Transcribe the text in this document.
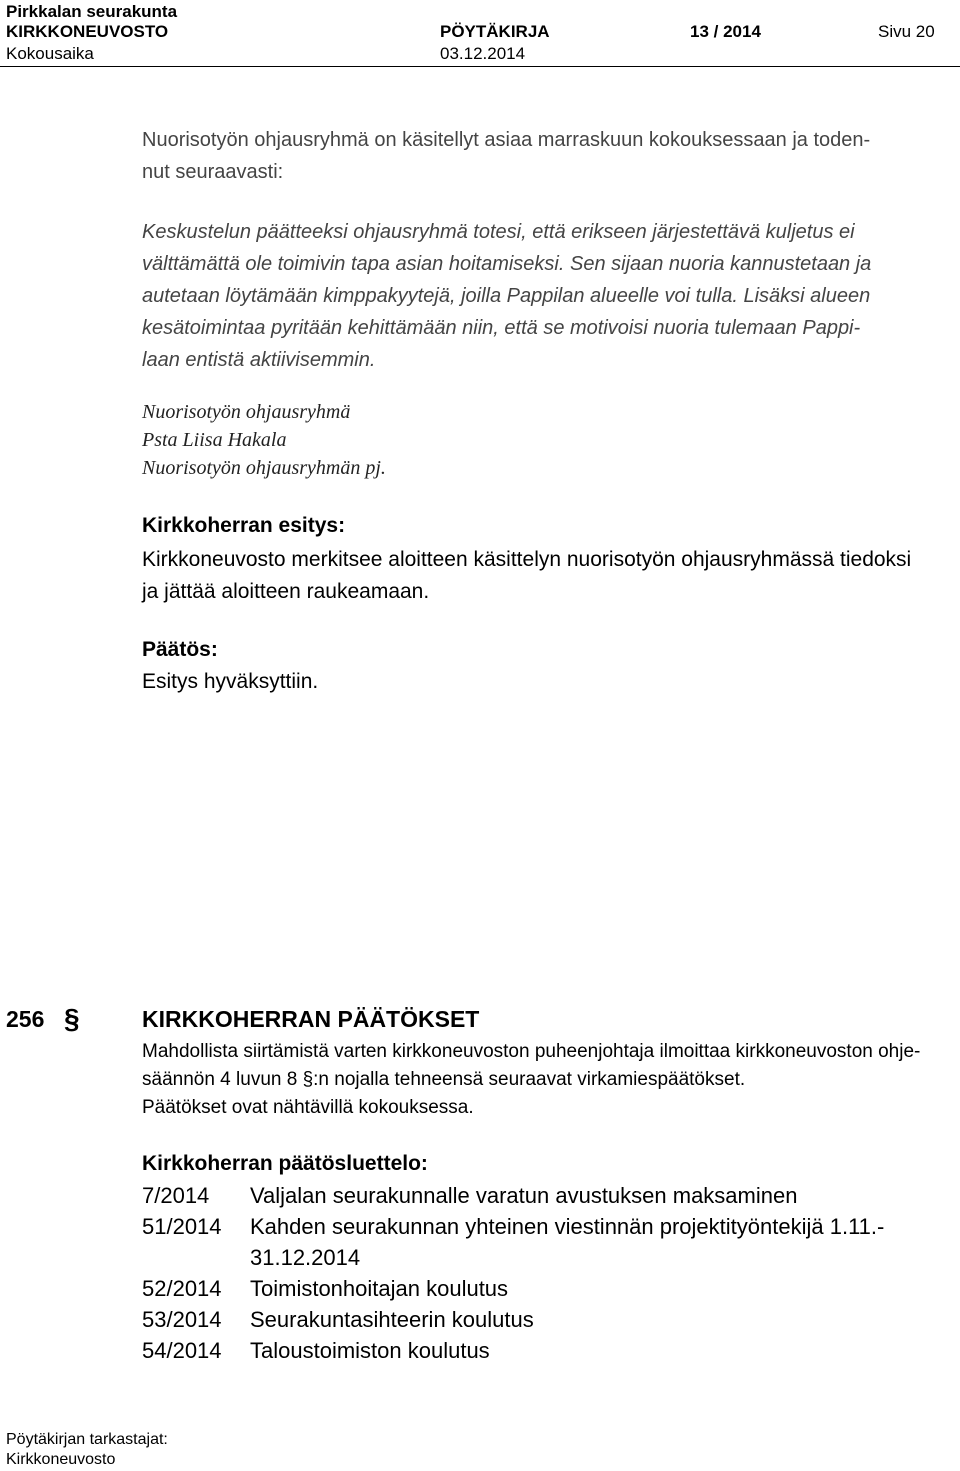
Pirkkalan seurakunta
KIRKKONEUVOSTO	PÖYTÄKIRJA	13 / 2014	Sivu 20
Kokousaika	03.12.2014
Nuorisotyön ohjausryhmä on käsitellyt asiaa marraskuun kokouksessaan ja toden-
nut seuraavasti:
Keskustelun päätteeksi ohjausryhmä totesi, että erikseen järjestettävä kuljetus ei
välttämättä ole toimivin tapa asian hoitamiseksi. Sen sijaan nuoria kannustetaan ja
autetaan löytämään kimppakyytejä, joilla Pappilan alueelle voi tulla. Lisäksi alueen
kesätoimintaa pyritään kehittämään niin, että se motivoisi nuoria tulemaan Pappi-
laan entistä aktiivisemmin.
Nuorisotyön ohjausryhmä
Psta Liisa Hakala
Nuorisotyön ohjausryhmän pj.
Kirkkoherran esitys:
Kirkkoneuvosto merkitsee aloitteen käsittelyn nuorisotyön ohjausryhmässä tiedoksi
ja jättää aloitteen raukeamaan.
Päätös:
Esitys hyväksyttiin.
256 §	KIRKKOHERRAN PÄÄTÖKSET
Mahdollista siirtämistä varten kirkkoneuvoston puheenjohtaja ilmoittaa kirkkoneuvoston ohje-
säännön 4 luvun 8 §:n nojalla tehneensä seuraavat virkamiespäätökset.
Päätökset ovat nähtävillä kokouksessa.
Kirkkoherran päätösluettelo:
7/2014 Valjalan seurakunnalle varatun avustuksen maksaminen
51/2014 Kahden seurakunnan yhteinen viestinnän projektityöntekijä 1.11.-
31.12.2014
52/2014 Toimistonhoitajan koulutus
53/2014 Seurakuntasihteerin koulutus
54/2014 Taloustoimiston koulutus
Pöytäkirjan tarkastajat:
Kirkkoneuvosto
